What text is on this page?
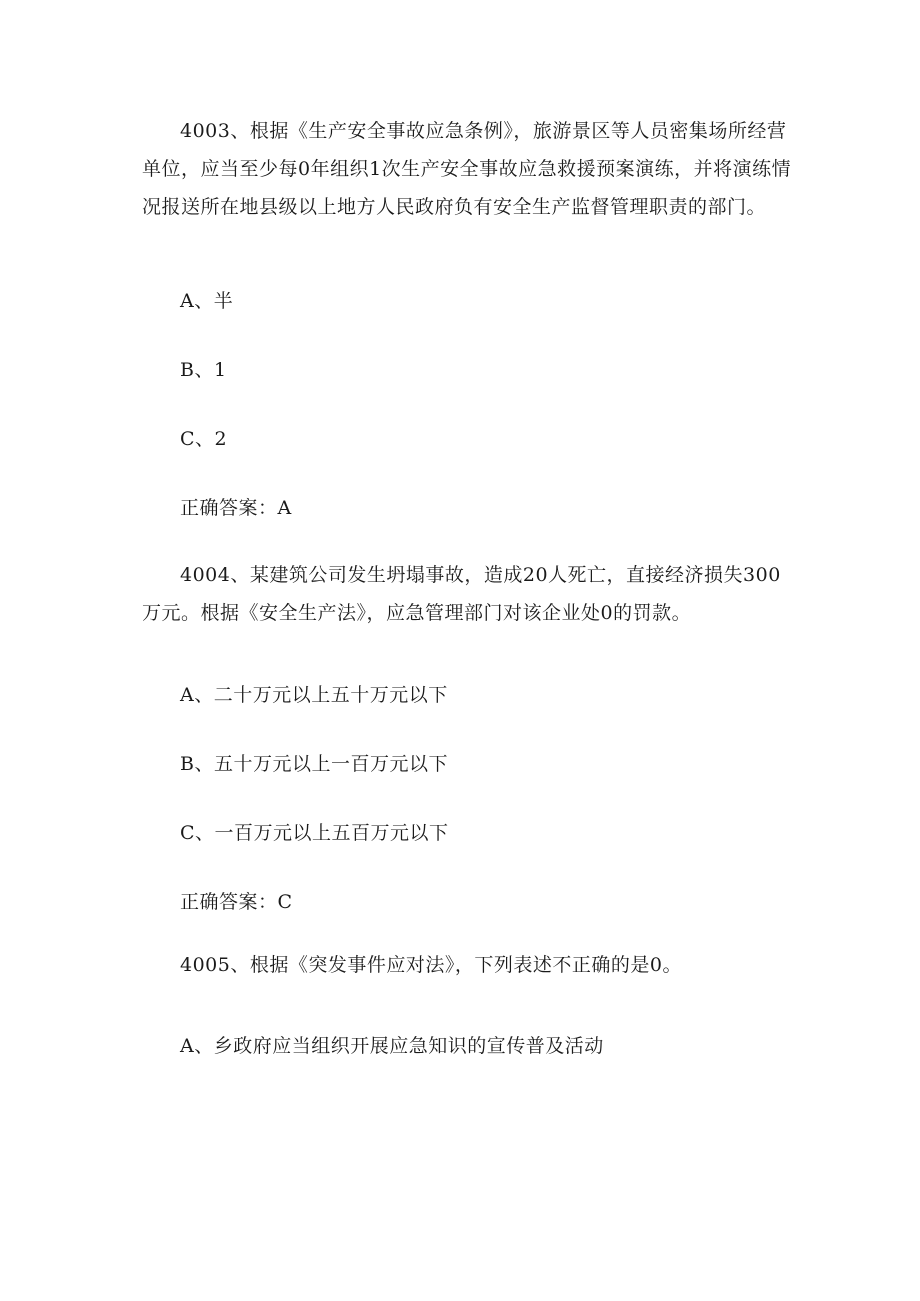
4003、根据《生产安全事故应急条例》，旅游景区等人员密集场所经营单位，应当至少每0年组织1次生产安全事故应急救援预案演练，并将演练情况报送所在地县级以上地方人民政府负有安全生产监督管理职责的部门。

A、半
B、1
C、2
正确答案：A

4004、某建筑公司发生坍塌事故，造成20人死亡，直接经济损失300万元。根据《安全生产法》，应急管理部门对该企业处0的罚款。

A、二十万元以上五十万元以下
B、五十万元以上一百万元以下
C、一百万元以上五百万元以下
正确答案：C

4005、根据《突发事件应对法》，下列表述不正确的是0。

A、乡政府应当组织开展应急知识的宣传普及活动
